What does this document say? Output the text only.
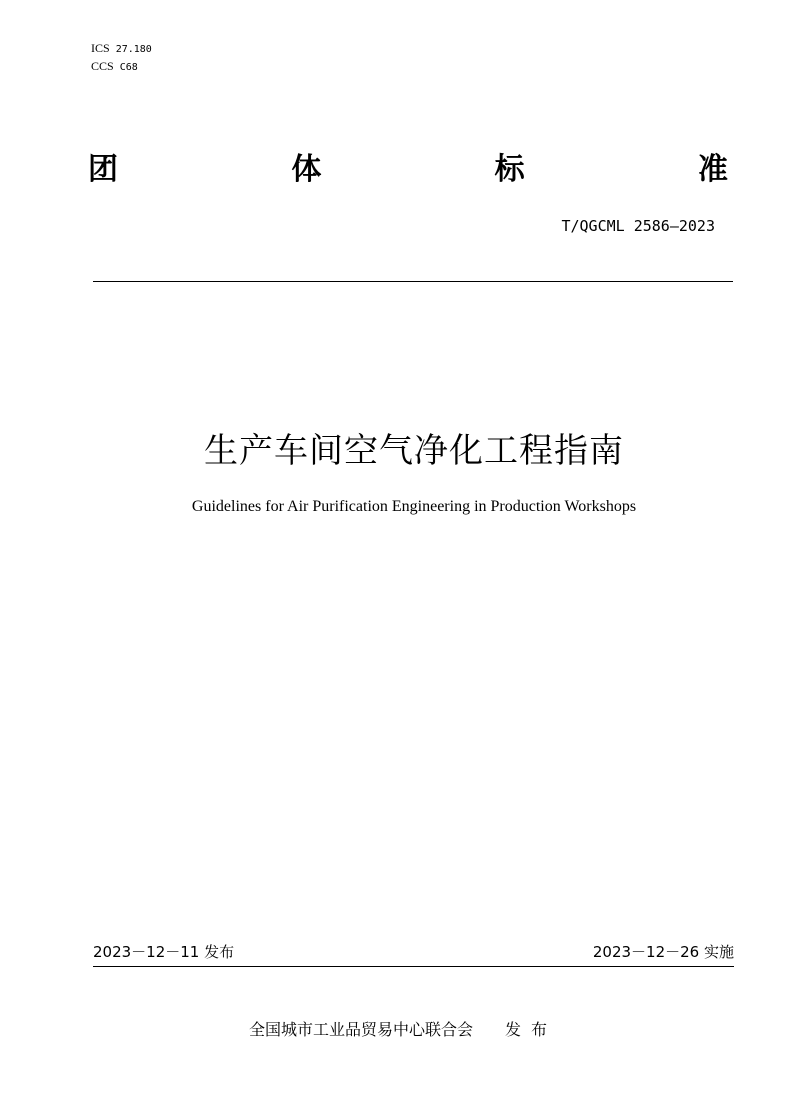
ICS 27.180
CCS C68
团	体	标	准
T/QGCML 2586—2023
生产车间空气净化工程指南
Guidelines for Air Purification Engineering in Production Workshops
2023－12－11 发布	2023－12－26 实施
全国城市工业品贸易中心联合会 发布
